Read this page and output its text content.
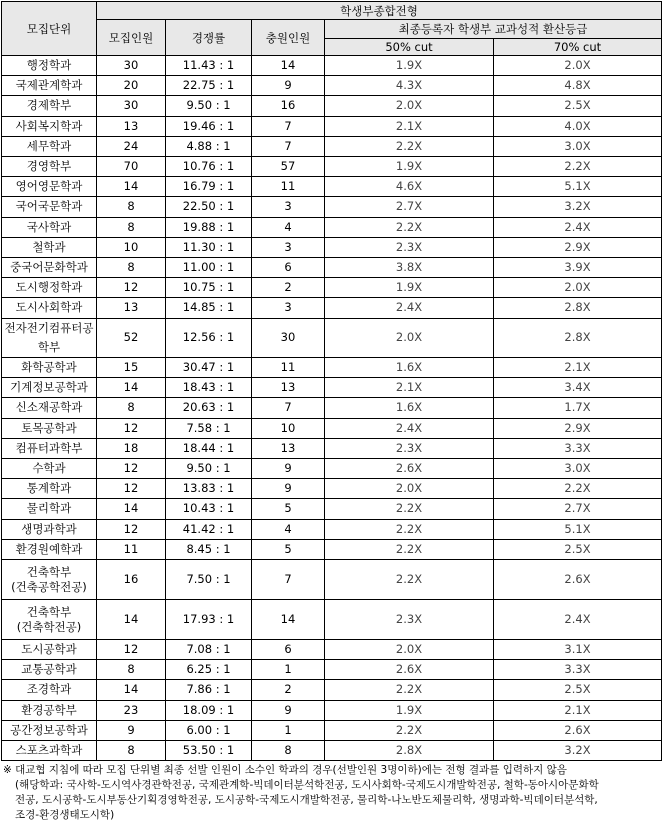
모집단위	학생부종합전형				
	모집인원	경쟁률	충원인원	최종등록자 학생부 교과성적 환산등급	
				50% cut	70% cut
행정학과	30	11.43 : 1	14	1.9X	2.0X
국제관계학과	20	22.75 : 1	9	4.3X	4.8X
경제학부	30	9.50 : 1	16	2.0X	2.5X
사회복지학과	13	19.46 : 1	7	2.1X	4.0X
세무학과	24	4.88 : 1	7	2.2X	3.0X
경영학부	70	10.76 : 1	57	1.9X	2.2X
영어영문학과	14	16.79 : 1	11	4.6X	5.1X
국어국문학과	8	22.50 : 1	3	2.7X	3.2X
국사학과	8	19.88 : 1	4	2.2X	2.4X
철학과	10	11.30 : 1	3	2.3X	2.9X
중국어문화학과	8	11.00 : 1	6	3.8X	3.9X
도시행정학과	12	10.75 : 1	2	1.9X	2.0X
도시사회학과	13	14.85 : 1	3	2.4X	2.8X
전자전기컴퓨터공학부	52	12.56 : 1	30	2.0X	2.8X
화학공학과	15	30.47 : 1	11	1.6X	2.1X
기계정보공학과	14	18.43 : 1	13	2.1X	3.4X
신소재공학과	8	20.63 : 1	7	1.6X	1.7X
토목공학과	12	7.58 : 1	10	2.4X	2.9X
컴퓨터과학부	18	18.44 : 1	13	2.3X	3.3X
수학과	12	9.50 : 1	9	2.6X	3.0X
통계학과	12	13.83 : 1	9	2.0X	2.2X
물리학과	14	10.43 : 1	5	2.2X	2.7X
생명과학과	12	41.42 : 1	4	2.2X	5.1X
환경원예학과	11	8.45 : 1	5	2.2X	2.5X

건축학부
(건축공학전공)	16	7.50 : 1	7	2.2X	2.6X

건축학부
(건축학전공)	14	17.93 : 1	14	2.3X	2.4X
도시공학과	12	7.08 : 1	6	2.0X	3.1X
교통공학과	8	6.25 : 1	1	2.6X	3.3X
조경학과	14	7.86 : 1	2	2.2X	2.5X
환경공학부	23	18.09 : 1	9	1.9X	2.1X
공간정보공학과	9	6.00 : 1	1	2.2X	2.6X
스포츠과학과	8	53.50 : 1	8	2.8X	3.2X
※ 대교협 지침에 따라 모집 단위별 최종 선발 인원이 소수인 학과의 경우(선발인원 3명이하)에는 전형 결과를 입력하지 않음
(해당학과: 국사학-도시역사경관학전공, 국제관계학-빅데이터분석학전공, 도시사회학-국제도시개발학전공, 철학-동아시아문화학
전공, 도시공학-도시부동산기획경영학전공, 도시공학-국제도시개발학전공, 물리학-나노반도체물리학, 생명과학-빅데이터분석학,
조경-환경생태도시학)
